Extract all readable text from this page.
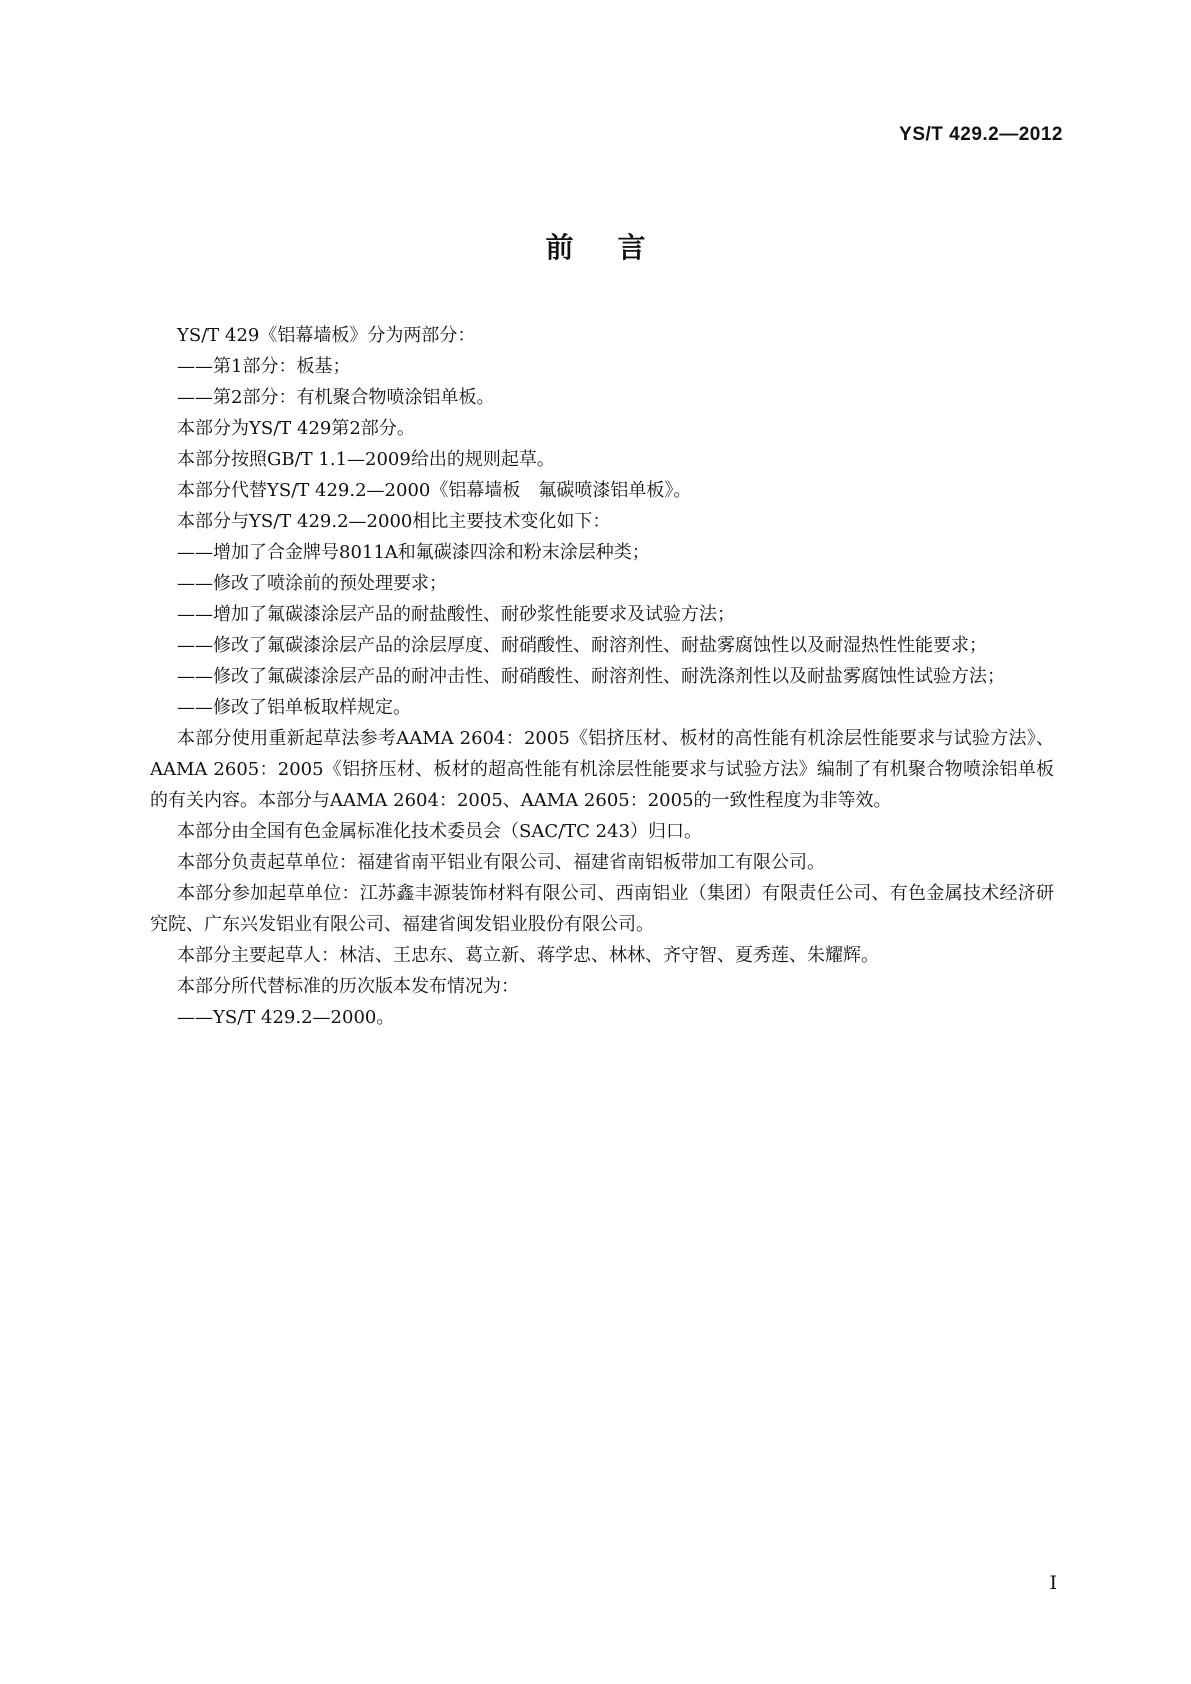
YS/T 429.2—2012
前言

YS/T 429《铝幕墙板》分为两部分：

——第1部分：板基；

——第2部分：有机聚合物喷涂铝单板。

本部分为YS/T 429第2部分。

本部分按照GB/T 1.1—2009给出的规则起草。

本部分代替YS/T 429.2—2000《铝幕墙板　氟碳喷漆铝单板》。

本部分与YS/T 429.2—2000相比主要技术变化如下：

——增加了合金牌号8011A和氟碳漆四涂和粉末涂层种类；

——修改了喷涂前的预处理要求；

——增加了氟碳漆涂层产品的耐盐酸性、耐砂浆性能要求及试验方法；

——修改了氟碳漆涂层产品的涂层厚度、耐硝酸性、耐溶剂性、耐盐雾腐蚀性以及耐湿热性性能要求；

——修改了氟碳漆涂层产品的耐冲击性、耐硝酸性、耐溶剂性、耐洗涤剂性以及耐盐雾腐蚀性试验方法；

——修改了铝单板取样规定。

本部分使用重新起草法参考AAMA 2604：2005《铝挤压材、板材的高性能有机涂层性能要求与试验方法》、AAMA 2605：2005《铝挤压材、板材的超高性能有机涂层性能要求与试验方法》编制了有机聚合物喷涂铝单板的有关内容。本部分与AAMA 2604：2005、AAMA 2605：2005的一致性程度为非等效。

本部分由全国有色金属标准化技术委员会（SAC/TC 243）归口。

本部分负责起草单位：福建省南平铝业有限公司、福建省南铝板带加工有限公司。

本部分参加起草单位：江苏鑫丰源装饰材料有限公司、西南铝业（集团）有限责任公司、有色金属技术经济研究院、广东兴发铝业有限公司、福建省闽发铝业股份有限公司。

本部分主要起草人：林洁、王忠东、葛立新、蒋学忠、林林、齐守智、夏秀莲、朱耀辉。

本部分所代替标准的历次版本发布情况为：

——YS/T 429.2—2000。

I
